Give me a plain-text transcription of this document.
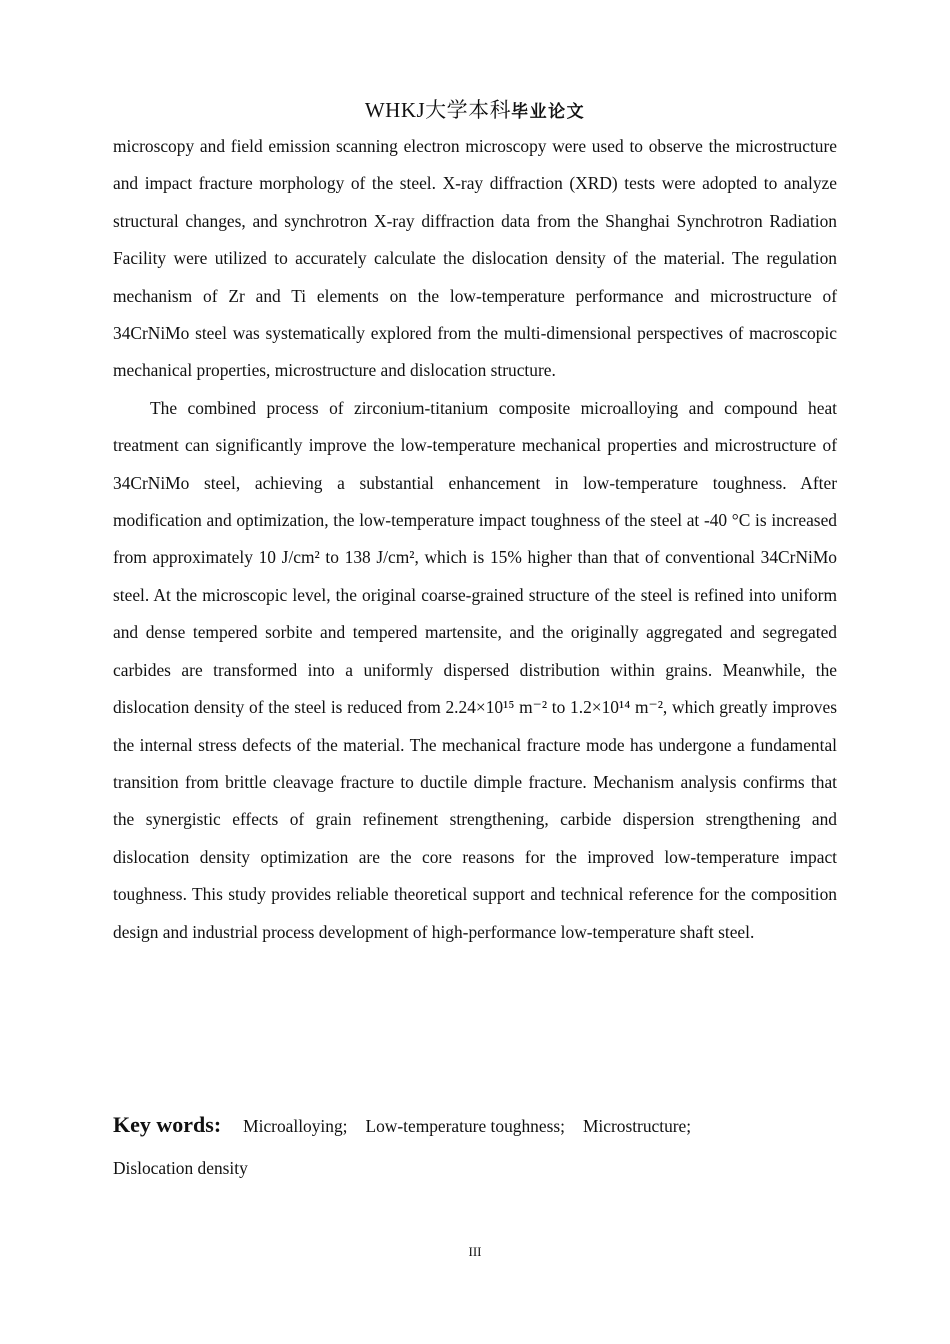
WHKJ大学本科毕业论文

microscopy and field emission scanning electron microscopy were used to observe the microstructure and impact fracture morphology of the steel. X-ray diffraction (XRD) tests were adopted to analyze structural changes, and synchrotron X-ray diffraction data from the Shanghai Synchrotron Radiation Facility were utilized to accurately calculate the dislocation density of the material. The regulation mechanism of Zr and Ti elements on the low-temperature performance and microstructure of 34CrNiMo steel was systematically explored from the multi-dimensional perspectives of macroscopic mechanical properties, microstructure and dislocation structure.

The combined process of zirconium-titanium composite microalloying and compound heat treatment can significantly improve the low-temperature mechanical properties and microstructure of 34CrNiMo steel, achieving a substantial enhancement in low-temperature toughness. After modification and optimization, the low-temperature impact toughness of the steel at -40 °C is increased from approximately 10 J/cm² to 138 J/cm², which is 15% higher than that of conventional 34CrNiMo steel. At the microscopic level, the original coarse-grained structure of the steel is refined into uniform and dense tempered sorbite and tempered martensite, and the originally aggregated and segregated carbides are transformed into a uniformly dispersed distribution within grains. Meanwhile, the dislocation density of the steel is reduced from 2.24×10¹⁵ m⁻² to 1.2×10¹⁴ m⁻², which greatly improves the internal stress defects of the material. The mechanical fracture mode has undergone a fundamental transition from brittle cleavage fracture to ductile dimple fracture. Mechanism analysis confirms that the synergistic effects of grain refinement strengthening, carbide dispersion strengthening and dislocation density optimization are the core reasons for the improved low-temperature impact toughness. This study provides reliable theoretical support and technical reference for the composition design and industrial process development of high-performance low-temperature shaft steel.

Key words: Microalloying; Low-temperature toughness; Microstructure;
Dislocation density
III
